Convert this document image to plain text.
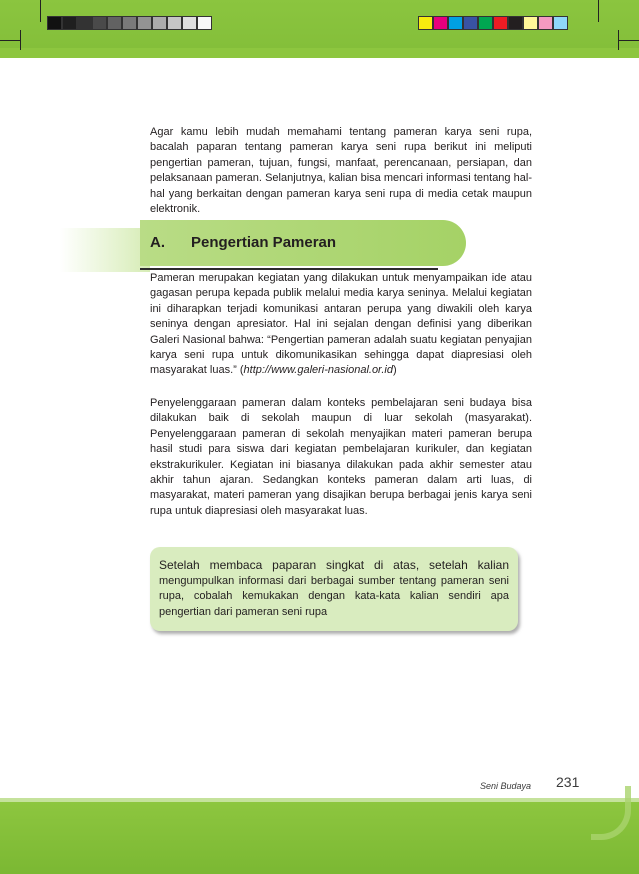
Agar kamu lebih mudah memahami tentang pameran karya seni rupa, bacalah paparan tentang pameran karya seni rupa berikut ini meliputi pengertian pameran, tujuan, fungsi, manfaat, perencanaan, persiapan, dan pelaksanaan pameran. Selanjutnya, kalian bisa mencari informasi tentang hal-hal yang berkaitan dengan pameran karya seni rupa di media cetak maupun elektronik.

A. Pengertian Pameran

Pameran merupakan kegiatan yang dilakukan untuk menyampaikan ide atau gagasan perupa kepada publik melalui media karya seninya. Melalui kegiatan ini diharapkan terjadi komunikasi antaran perupa yang diwakili oleh karya seninya dengan apresiator. Hal ini sejalan dengan definisi yang diberikan Galeri Nasional bahwa: “Pengertian pameran adalah suatu kegiatan penyajian karya seni rupa untuk dikomunikasikan sehingga dapat diapresiasi oleh masyarakat luas.” (http://www.galeri-nasional.or.id)

Penyelenggaraan pameran dalam konteks pembelajaran seni budaya bisa dilakukan baik di sekolah maupun di luar sekolah (masyarakat). Penyelenggaraan pameran di sekolah menyajikan materi pameran berupa hasil studi para siswa dari kegiatan pembelajaran kurikuler, dan kegiatan ekstrakurikuler. Kegiatan ini biasanya dilakukan pada akhir semester atau akhir tahun ajaran. Sedangkan konteks pameran dalam arti luas, di masyarakat, materi pameran yang disajikan berupa berbagai jenis karya seni rupa untuk diapresiasi oleh masyarakat luas.

Setelah membaca paparan singkat di atas, setelah kalian mengumpulkan informasi dari berbagai sumber tentang pameran seni rupa, cobalah kemukakan dengan kata-kata kalian sendiri apa pengertian dari pameran seni rupa
Seni Budaya 231
